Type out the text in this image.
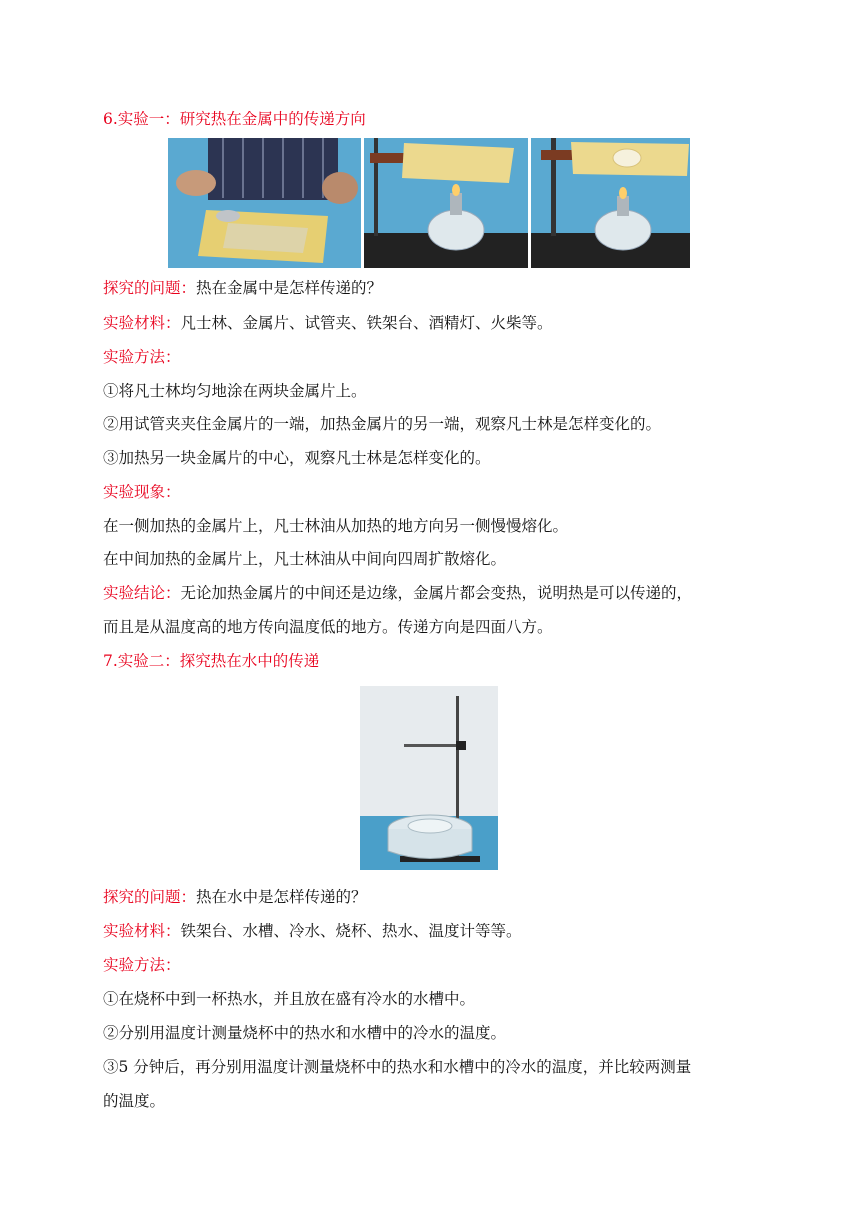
6.实验一：研究热在金属中的传递方向
探究的问题：热在金属中是怎样传递的？
实验材料：凡士林、金属片、试管夹、铁架台、酒精灯、火柴等。
实验方法：
①将凡士林均匀地涂在两块金属片上。
②用试管夹夹住金属片的一端，加热金属片的另一端，观察凡士林是怎样变化的。
③加热另一块金属片的中心，观察凡士林是怎样变化的。
实验现象：
在一侧加热的金属片上，凡士林油从加热的地方向另一侧慢慢熔化。
在中间加热的金属片上，凡士林油从中间向四周扩散熔化。
实验结论：无论加热金属片的中间还是边缘，金属片都会变热，说明热是可以传递的，
而且是从温度高的地方传向温度低的地方。传递方向是四面八方。
7.实验二：探究热在水中的传递
探究的问题：热在水中是怎样传递的？
实验材料：铁架台、水槽、冷水、烧杯、热水、温度计等等。
实验方法：
①在烧杯中到一杯热水，并且放在盛有冷水的水槽中。
②分别用温度计测量烧杯中的热水和水槽中的冷水的温度。
③5 分钟后，再分别用温度计测量烧杯中的热水和水槽中的冷水的温度，并比较两测量
的温度。
